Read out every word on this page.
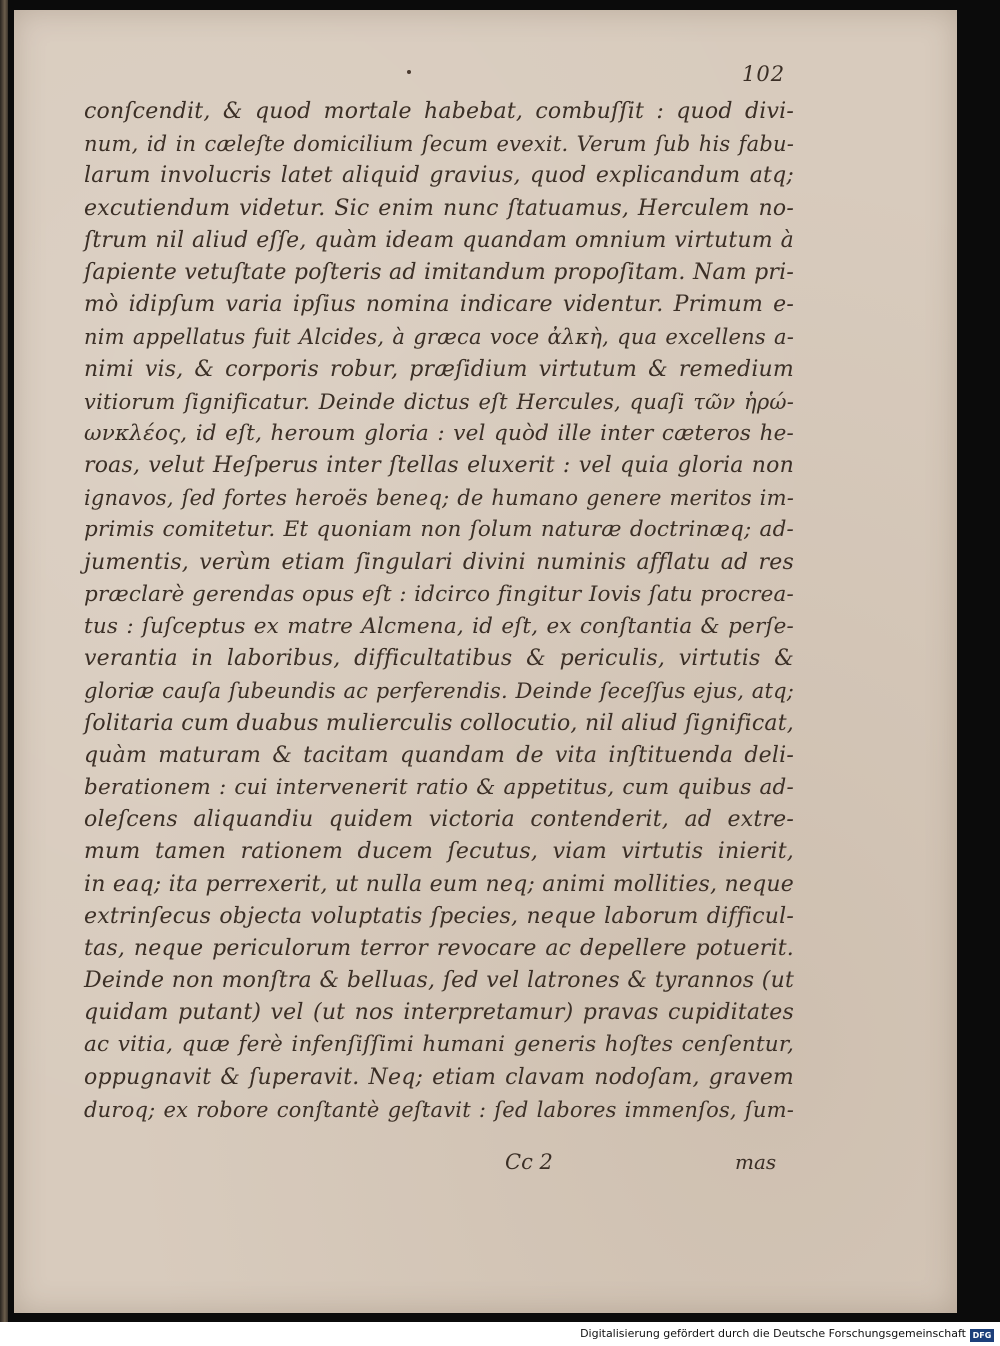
102
conſcendit, & quod mortale habebat, combuſſit : quod divi-
num, id in cæleſte domicilium ſecum evexit. Verum ſub his fabu-
larum involucris latet aliquid gravius, quod explicandum atq;
excutiendum videtur. Sic enim nunc ſtatuamus, Herculem no-
ſtrum nil aliud eſſe, quàm ideam quandam omnium virtutum à
ſapiente vetuſtate poſteris ad imitandum propoſitam. Nam pri-
mò idipſum varia ipſius nomina indicare videntur. Primum e-
nim appellatus fuit Alcides, à græca voce ἀλκὴ, qua excellens a-
nimi vis, & corporis robur, præſidium virtutum & remedium
vitiorum ſignificatur. Deinde dictus eſt Hercules, quaſi τῶν ἡρώ-
ωνκλέος, id eſt, heroum gloria : vel quòd ille inter cæteros he-
roas, velut Heſperus inter ſtellas eluxerit : vel quia gloria non
ignavos, ſed fortes heroës beneq; de humano genere meritos im-
primis comitetur. Et quoniam non ſolum naturæ doctrinæq; ad-
jumentis, verùm etiam ſingulari divini numinis afflatu ad res
præclarè gerendas opus eſt : idcirco fingitur Iovis ſatu procrea-
tus : ſuſceptus ex matre Alcmena, id eſt, ex conſtantia & perſe-
verantia in laboribus, difficultatibus & periculis, virtutis &
gloriæ cauſa ſubeundis ac perferendis. Deinde ſeceſſus ejus, atq;
ſolitaria cum duabus mulierculis collocutio, nil aliud ſignificat,
quàm maturam & tacitam quandam de vita inſtituenda deli-
berationem : cui intervenerit ratio & appetitus, cum quibus ad-
oleſcens aliquandiu quidem victoria contenderit, ad extre-
mum tamen rationem ducem ſecutus, viam virtutis inierit,
in eaq; ita perrexerit, ut nulla eum neq; animi mollities, neque
extrinſecus objecta voluptatis ſpecies, neque laborum difficul-
tas, neque periculorum terror revocare ac depellere potuerit.
Deinde non monſtra & belluas, ſed vel latrones & tyrannos (ut
quidam putant) vel (ut nos interpretamur) pravas cupiditates
ac vitia, quæ ferè infenſiſſimi humani generis hoſtes cenſentur,
oppugnavit & ſuperavit. Neq; etiam clavam nodoſam, gravem
duroq; ex robore conſtantè geſtavit : ſed labores immenſos, ſum-
Cc 2	mas
Digitalisierung gefördert durch die Deutsche Forschungsgemeinschaft DFG
